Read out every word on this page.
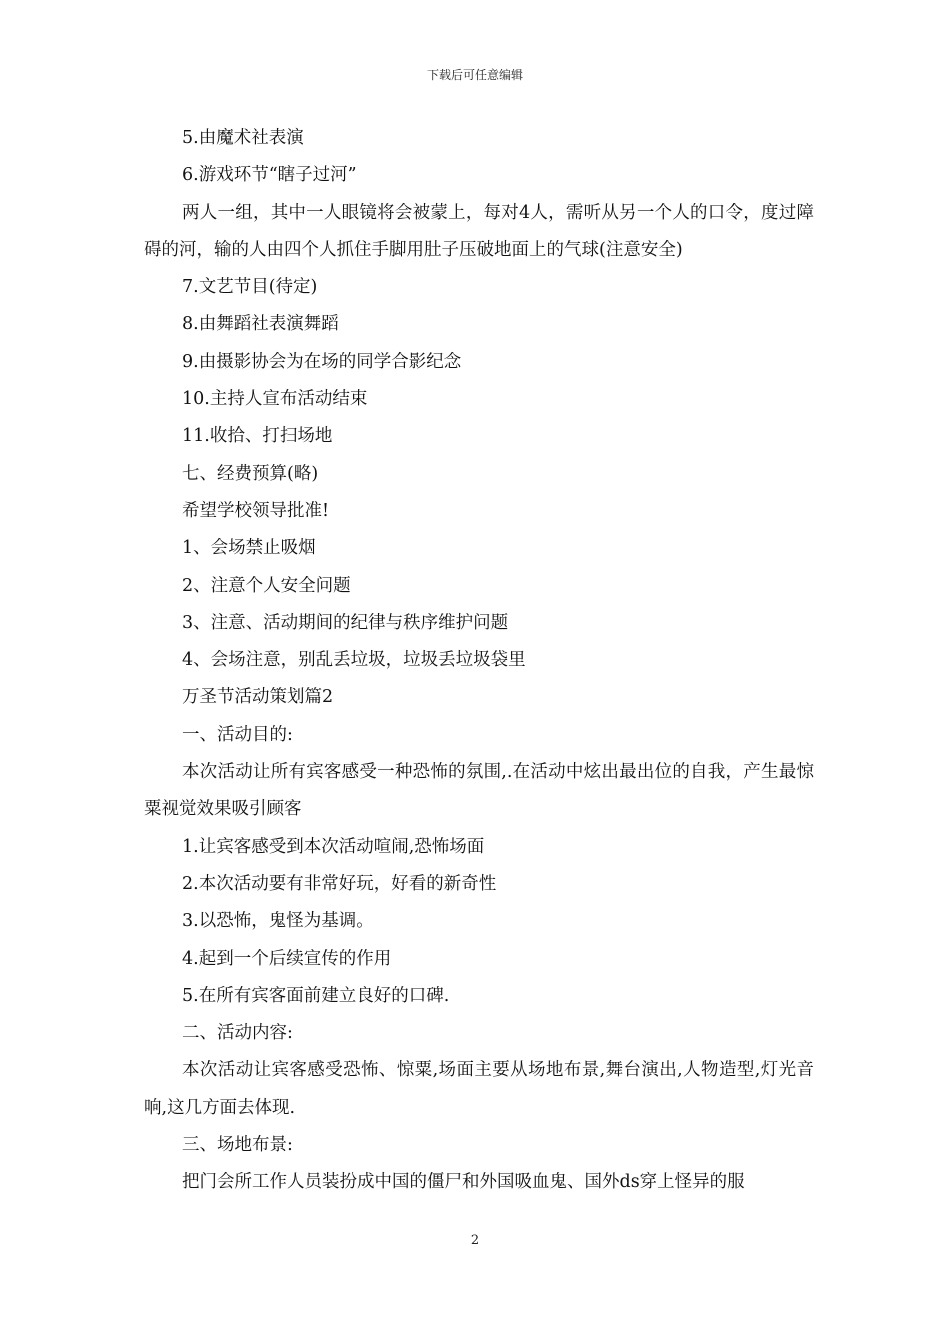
下载后可任意编辑

5.由魔术社表演

6.游戏环节“瞎子过河”

两人一组，其中一人眼镜将会被蒙上，每对4人，需听从另一个人的口令，度过障碍的河，输的人由四个人抓住手脚用肚子压破地面上的气球(注意安全)

7.文艺节目(待定)

8.由舞蹈社表演舞蹈

9.由摄影协会为在场的同学合影纪念

10.主持人宣布活动结束

11.收拾、打扫场地

七、经费预算(略)

希望学校领导批准!

1、会场禁止吸烟

2、注意个人安全问题

3、注意、活动期间的纪律与秩序维护问题

4、会场注意，别乱丢垃圾，垃圾丢垃圾袋里

万圣节活动策划篇2

一、活动目的:

本次活动让所有宾客感受一种恐怖的氛围,.在活动中炫出最出位的自我，产生最惊粟视觉效果吸引顾客

1.让宾客感受到本次活动喧闹,恐怖场面

2.本次活动要有非常好玩，好看的新奇性

3.以恐怖，鬼怪为基调。

4.起到一个后续宣传的作用

5.在所有宾客面前建立良好的口碑.

二、活动内容:

本次活动让宾客感受恐怖、惊粟,场面主要从场地布景,舞台演出,人物造型,灯光音响,这几方面去体现.

三、场地布景:

把门会所工作人员装扮成中国的僵尸和外国吸血鬼、国外ds穿上怪异的服

2
